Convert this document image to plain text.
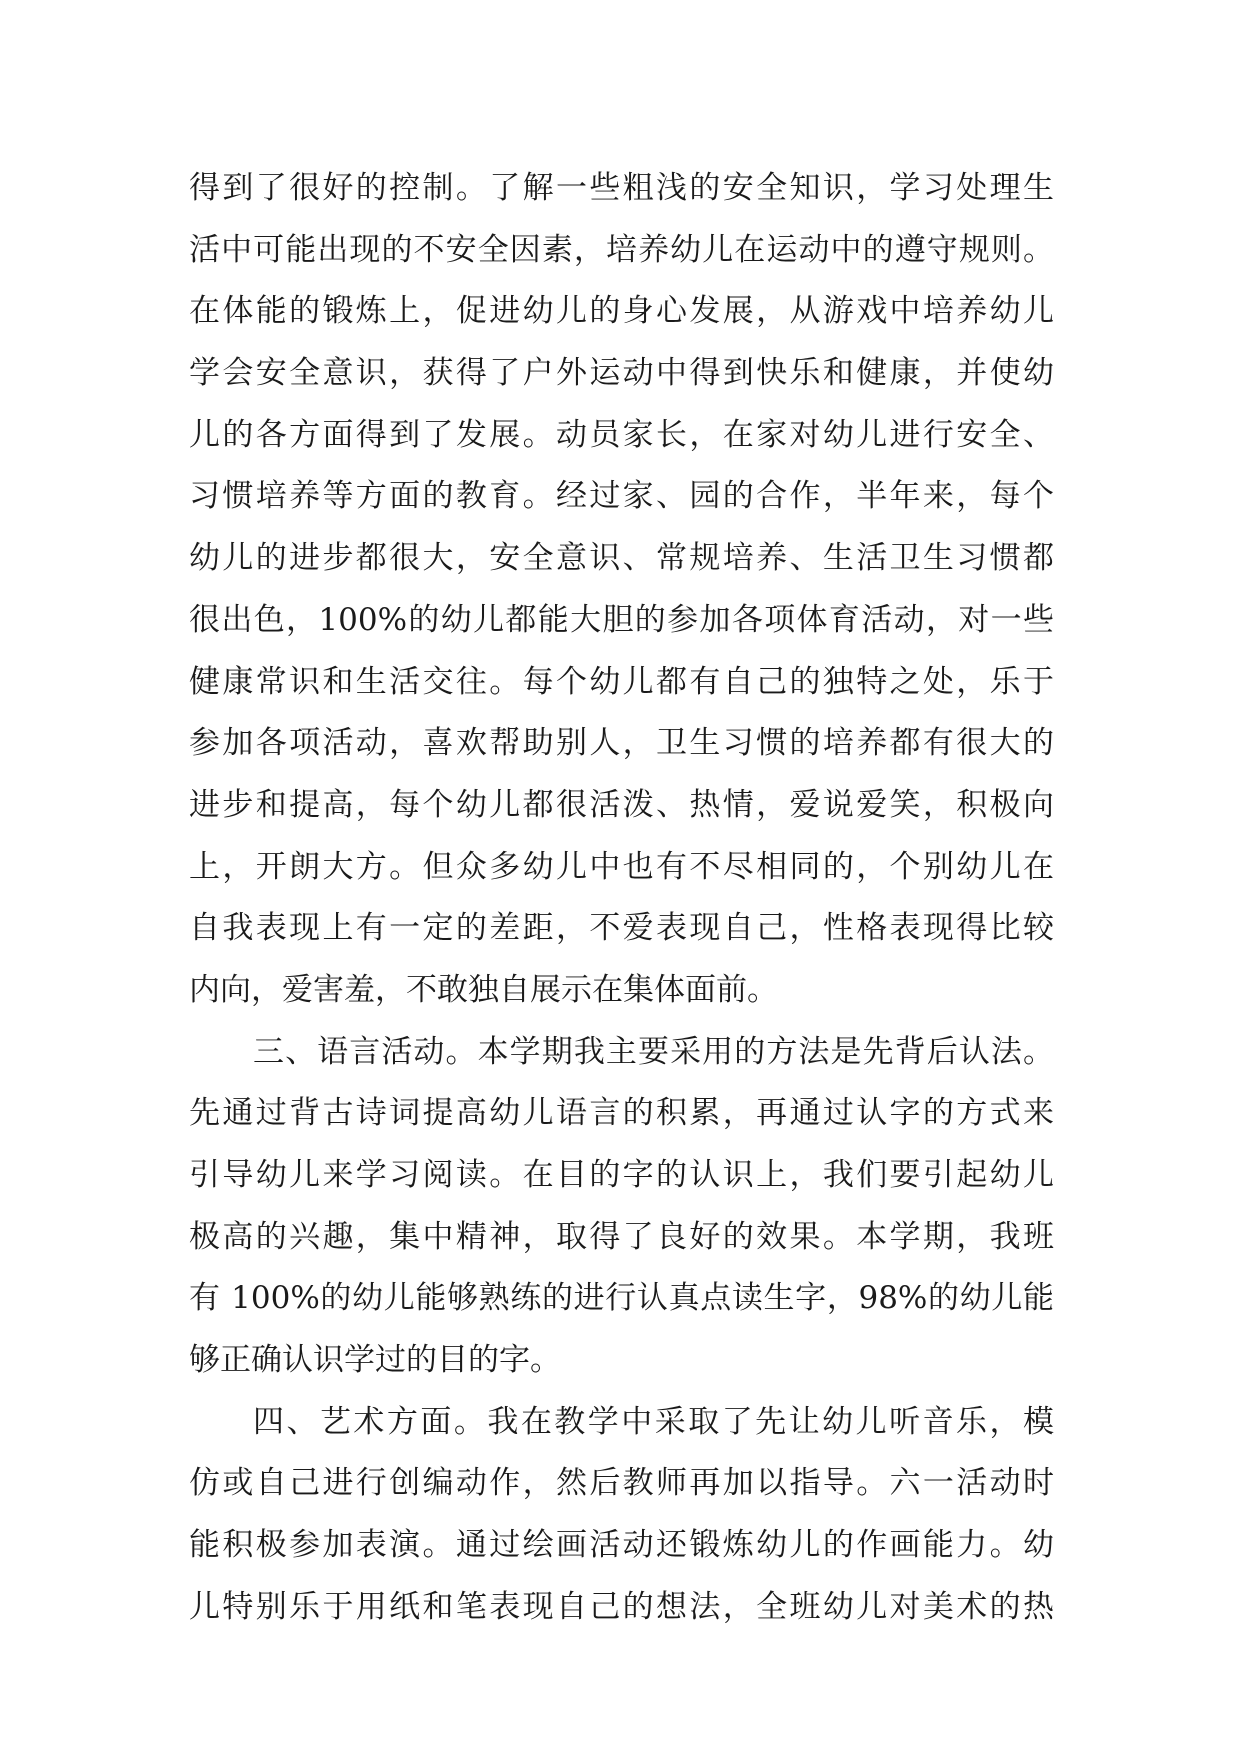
得到了很好的控制。了解一些粗浅的安全知识，学习处理生
活中可能出现的不安全因素，培养幼儿在运动中的遵守规则。
在体能的锻炼上，促进幼儿的身心发展，从游戏中培养幼儿
学会安全意识，获得了户外运动中得到快乐和健康，并使幼
儿的各方面得到了发展。动员家长，在家对幼儿进行安全、
习惯培养等方面的教育。经过家、园的合作，半年来，每个
幼儿的进步都很大，安全意识、常规培养、生活卫生习惯都
很出色，100%的幼儿都能大胆的参加各项体育活动，对一些
健康常识和生活交往。每个幼儿都有自己的独特之处，乐于
参加各项活动，喜欢帮助别人，卫生习惯的培养都有很大的
进步和提高，每个幼儿都很活泼、热情，爱说爱笑，积极向
上，开朗大方。但众多幼儿中也有不尽相同的，个别幼儿在
自我表现上有一定的差距，不爱表现自己，性格表现得比较
内向，爱害羞，不敢独自展示在集体面前。
三、语言活动。本学期我主要采用的方法是先背后认法。
先通过背古诗词提高幼儿语言的积累，再通过认字的方式来
引导幼儿来学习阅读。在目的字的认识上，我们要引起幼儿
极高的兴趣，集中精神，取得了良好的效果。本学期，我班
有 100%的幼儿能够熟练的进行认真点读生字，98%的幼儿能
够正确认识学过的目的字。
四、艺术方面。我在教学中采取了先让幼儿听音乐，模
仿或自己进行创编动作，然后教师再加以指导。六一活动时
能积极参加表演。通过绘画活动还锻炼幼儿的作画能力。幼
儿特别乐于用纸和笔表现自己的想法，全班幼儿对美术的热
